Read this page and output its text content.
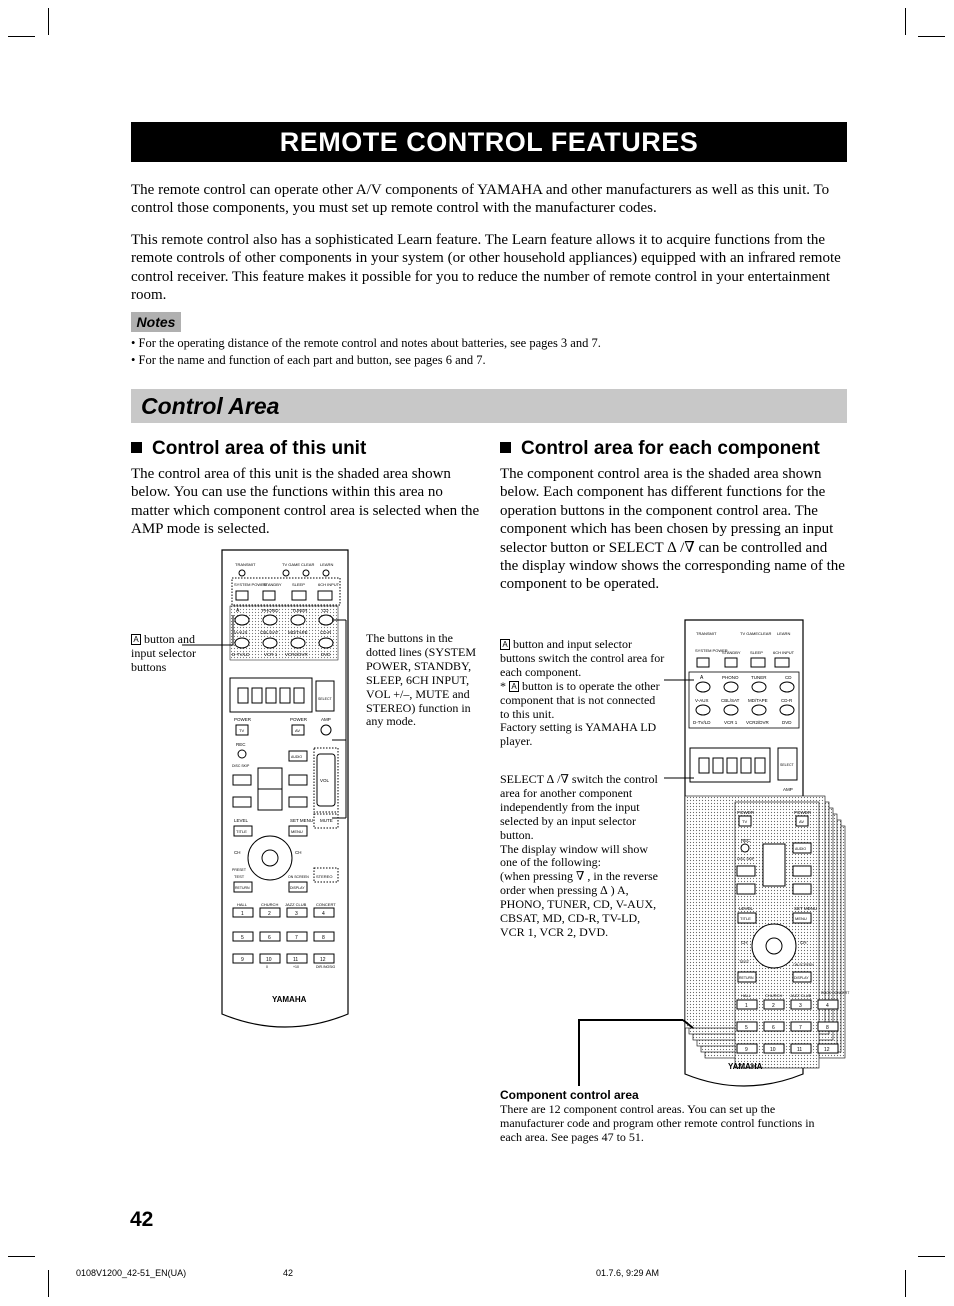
REMOTE CONTROL FEATURES
The remote control can operate other A/V components of YAMAHA and other manufacturers as well as this unit. To control those components, you must set up remote control with the manufacturer codes.
This remote control also has a sophisticated Learn feature. The Learn feature allows it to acquire functions from the remote controls of other components in your system (or other household appliances) equipped with an infrared remote control receiver. This feature makes it possible for you to reduce the number of remote control in your entertainment room.
Notes
• For the operating distance of the remote control and notes about batteries, see pages 3 and 7.
• For the name and function of each part and button, see pages 6 and 7.
Control Area
Control area of this unit
The control area of this unit is the shaded area shown below. You can use the functions within this area no matter which component control area is selected when the AMP mode is selected.
A button and input selector buttons
The buttons in the dotted lines (SYSTEM POWER, STANDBY, SLEEP, 6CH INPUT, VOL +/–, MUTE and STEREO) function in any mode.
Control area for each component
The component control area is the shaded area shown below. Each component has different functions for the operation buttons in the component control area. The component which has been chosen by pressing an input selector button or SELECT ∆ /∇ can be controlled and the display window shows the corresponding name of the component to be operated.
A button and input selector buttons switch the control area for each component.
* A button is to operate the other component that is not connected to this unit.
Factory setting is YAMAHA LD player.
SELECT ∆ /∇ switch the control area for another component independently from the input selected by an input selector button.
The display window will show one of the following:
(when pressing ∇ , in the reverse order when pressing ∆ ) A, PHONO, TUNER, CD, V-AUX, CBSAT, MD, CD-R, TV-LD, VCR 1, VCR 2, DVD.
Component control area
There are 12 component control areas. You can set up the manufacturer code and program other remote control functions in each area. See pages 47 to 51.
TRANSMIT	TV GAME CLEAR LEARN
SYSTEM POWER
STANDBY	SLEEP	6CH INPUT
A	PHONO	TUNER	CD
V-AUX	CBL/SAT MD/TAPE	CD-R
D-TV/LD	VCR 1 VCR2/DVR	DVD
SELECT
POWER	POWER	AMP
TV	AV
VOL
REC
DISC SKIP
AUDIO
LEVEL	SET MENU MUTE
TITLE	MENU
CH	CH
PRESET
TEST	ON SCREEN STEREO
RETURN	DISPLAY
HALL	CHURCH JAZZ CLUB CONCERT
1	2	3	4
5	6	7	8
9	10	11	12
0	+10	DIR./NOSIG
YAMAHA
TRANSMIT	TV GAME CLEAR LEARN
SYSTEM POWER
STANDBY SLEEP	6CH INPUT
A	PHONO	TUNER	CD
V-AUX	CBL/SAT MD/TAPE	CD-R
D-TV/LD	VCR 1 VCR2/DVR	DVD
SELECT
AMP
POWER	POWER
TV	AV
REC
DISC SKIP
AUDIO
LEVEL	SET MENU
TITLE	MENU
CH	CH
TEST
ON SCREEN
RETURN	DISPLAY
HALL	CHURCH JAZZ CLUB	ROCK CONCERT
1	2	3	4
5	6	7	8
9	10	11	12
YAMAHA
42
0108V1200_42-51_EN(UA)	42	01.7.6, 9:29 AM
